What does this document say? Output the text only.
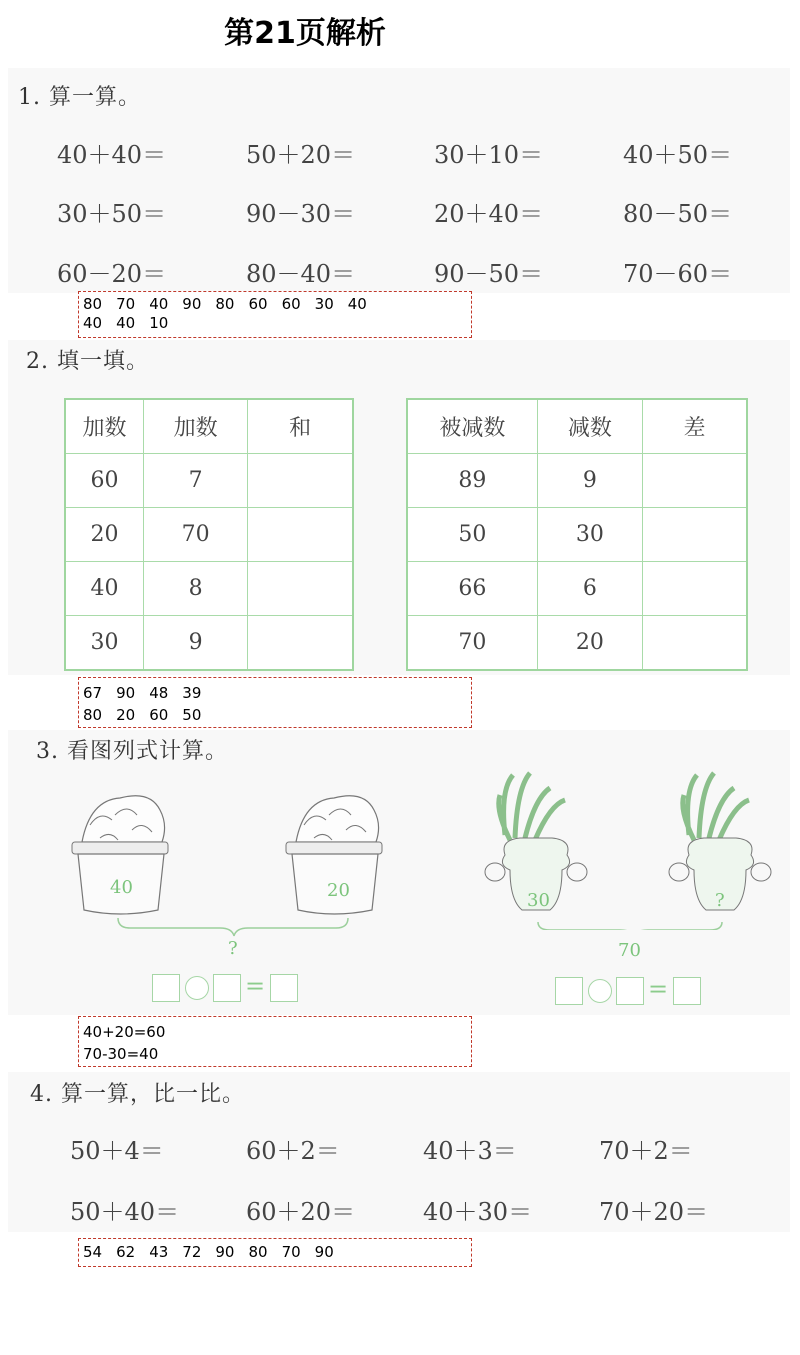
第21页解析
1. 算一算。
40＋40＝	50＋20＝	30＋10＝	40＋50＝
30＋50＝	90－30＝	20＋40＝	80－50＝
60－20＝	80－40＝	90－50＝	70－60＝
80 70 40 90 80 60 60 30 40
40 40 10
2. 填一填。
加数	加数	和
60	7	
20	70	
40	8	
30	9	
被减数	减数	差
89	9	
50	30	
66	6	
70	20	
67 90 48 39
80 20 60 50
3. 看图列式计算。
40	20
?
30	?
70
=	=
40+20=60
70-30=40
4. 算一算，比一比。
50＋4＝	60＋2＝	40＋3＝	70＋2＝
50＋40＝	60＋20＝	40＋30＝	70＋20＝
54 62 43 72 90 80 70 90
